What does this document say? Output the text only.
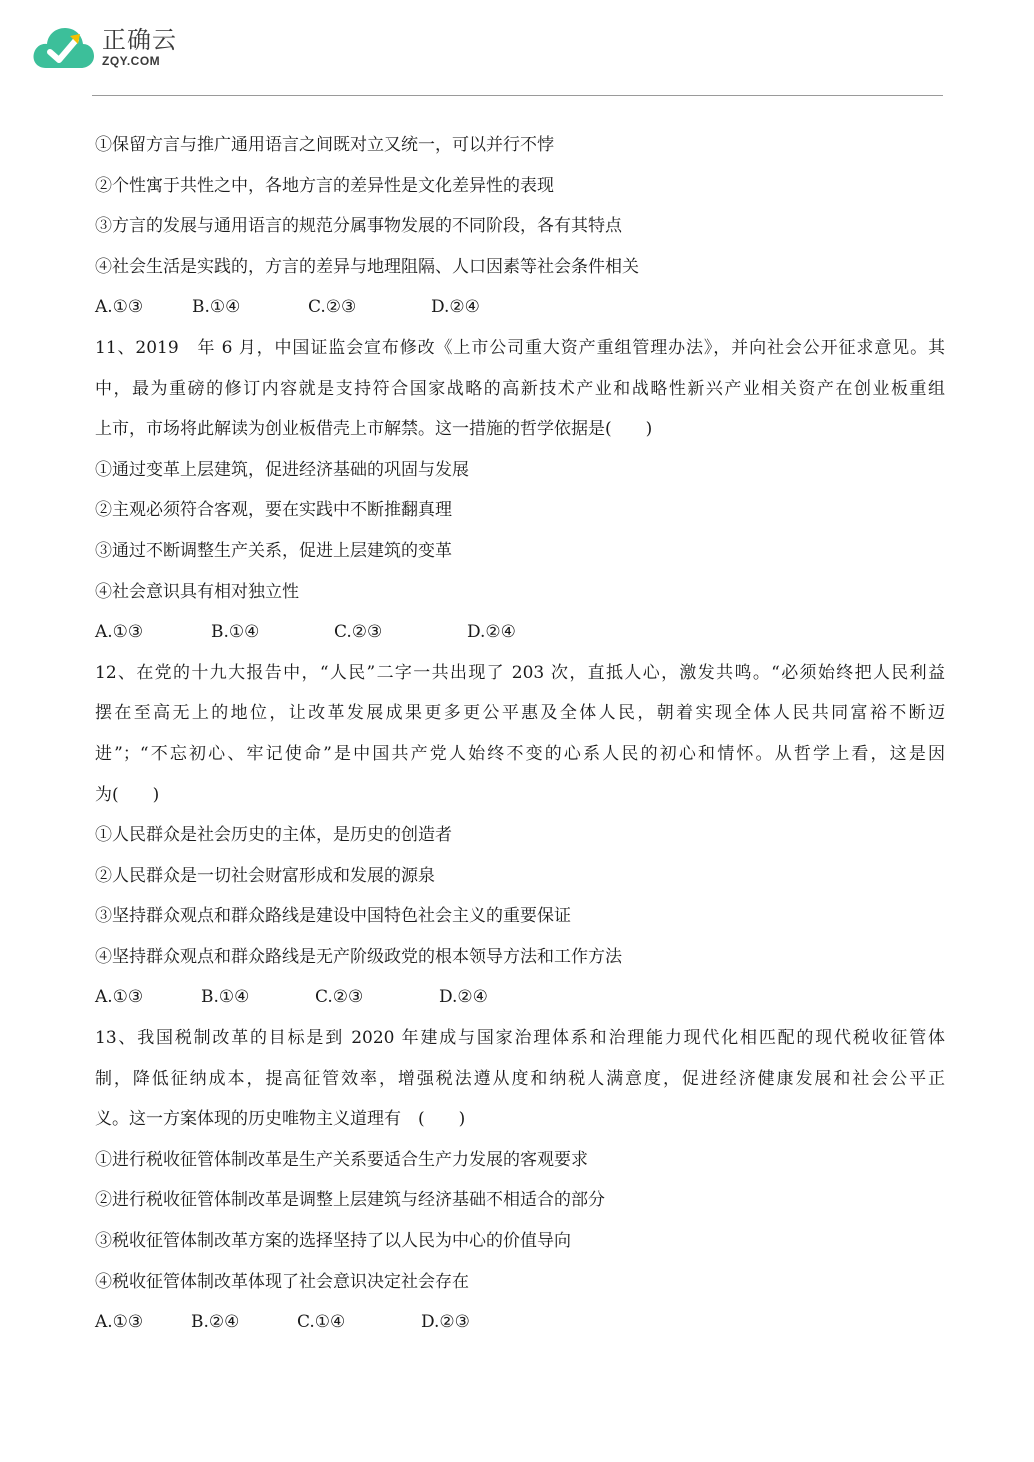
正确云
ZQY.COM
①保留方言与推广通用语言之间既对立又统一，可以并行不悖
②个性寓于共性之中，各地方言的差异性是文化差异性的表现
③方言的发展与通用语言的规范分属事物发展的不同阶段，各有其特点
④社会生活是实践的，方言的差异与地理阻隔、人口因素等社会条件相关
A.①③	B.①④	C.②③	D.②④
11、2019　年 6 月，中国证监会宣布修改《上市公司重大资产重组管理办法》，并向社会公开征求意见。其
中，最为重磅的修订内容就是支持符合国家战略的高新技术产业和战略性新兴产业相关资产在创业板重组
上市，市场将此解读为创业板借壳上市解禁。这一措施的哲学依据是(　　)
①通过变革上层建筑，促进经济基础的巩固与发展
②主观必须符合客观，要在实践中不断推翻真理
③通过不断调整生产关系，促进上层建筑的变革
④社会意识具有相对独立性
A.①③	B.①④	C.②③	D.②④
12、在党的十九大报告中，“人民”二字一共出现了 203 次，直抵人心，激发共鸣。“必须始终把人民利益
摆在至高无上的地位，让改革发展成果更多更公平惠及全体人民，朝着实现全体人民共同富裕不断迈
进”；“不忘初心、牢记使命”是中国共产党人始终不变的心系人民的初心和情怀。从哲学上看，这是因
为(　　)
①人民群众是社会历史的主体，是历史的创造者
②人民群众是一切社会财富形成和发展的源泉
③坚持群众观点和群众路线是建设中国特色社会主义的重要保证
④坚持群众观点和群众路线是无产阶级政党的根本领导方法和工作方法
A.①③	B.①④	C.②③	D.②④
13、我国税制改革的目标是到 2020 年建成与国家治理体系和治理能力现代化相匹配的现代税收征管体
制，降低征纳成本，提高征管效率，增强税法遵从度和纳税人满意度，促进经济健康发展和社会公平正
义。这一方案体现的历史唯物主义道理有　(　　)
①进行税收征管体制改革是生产关系要适合生产力发展的客观要求
②进行税收征管体制改革是调整上层建筑与经济基础不相适合的部分
③税收征管体制改革方案的选择坚持了以人民为中心的价值导向
④税收征管体制改革体现了社会意识决定社会存在
A.①③	B.②④	C.①④	D.②③
